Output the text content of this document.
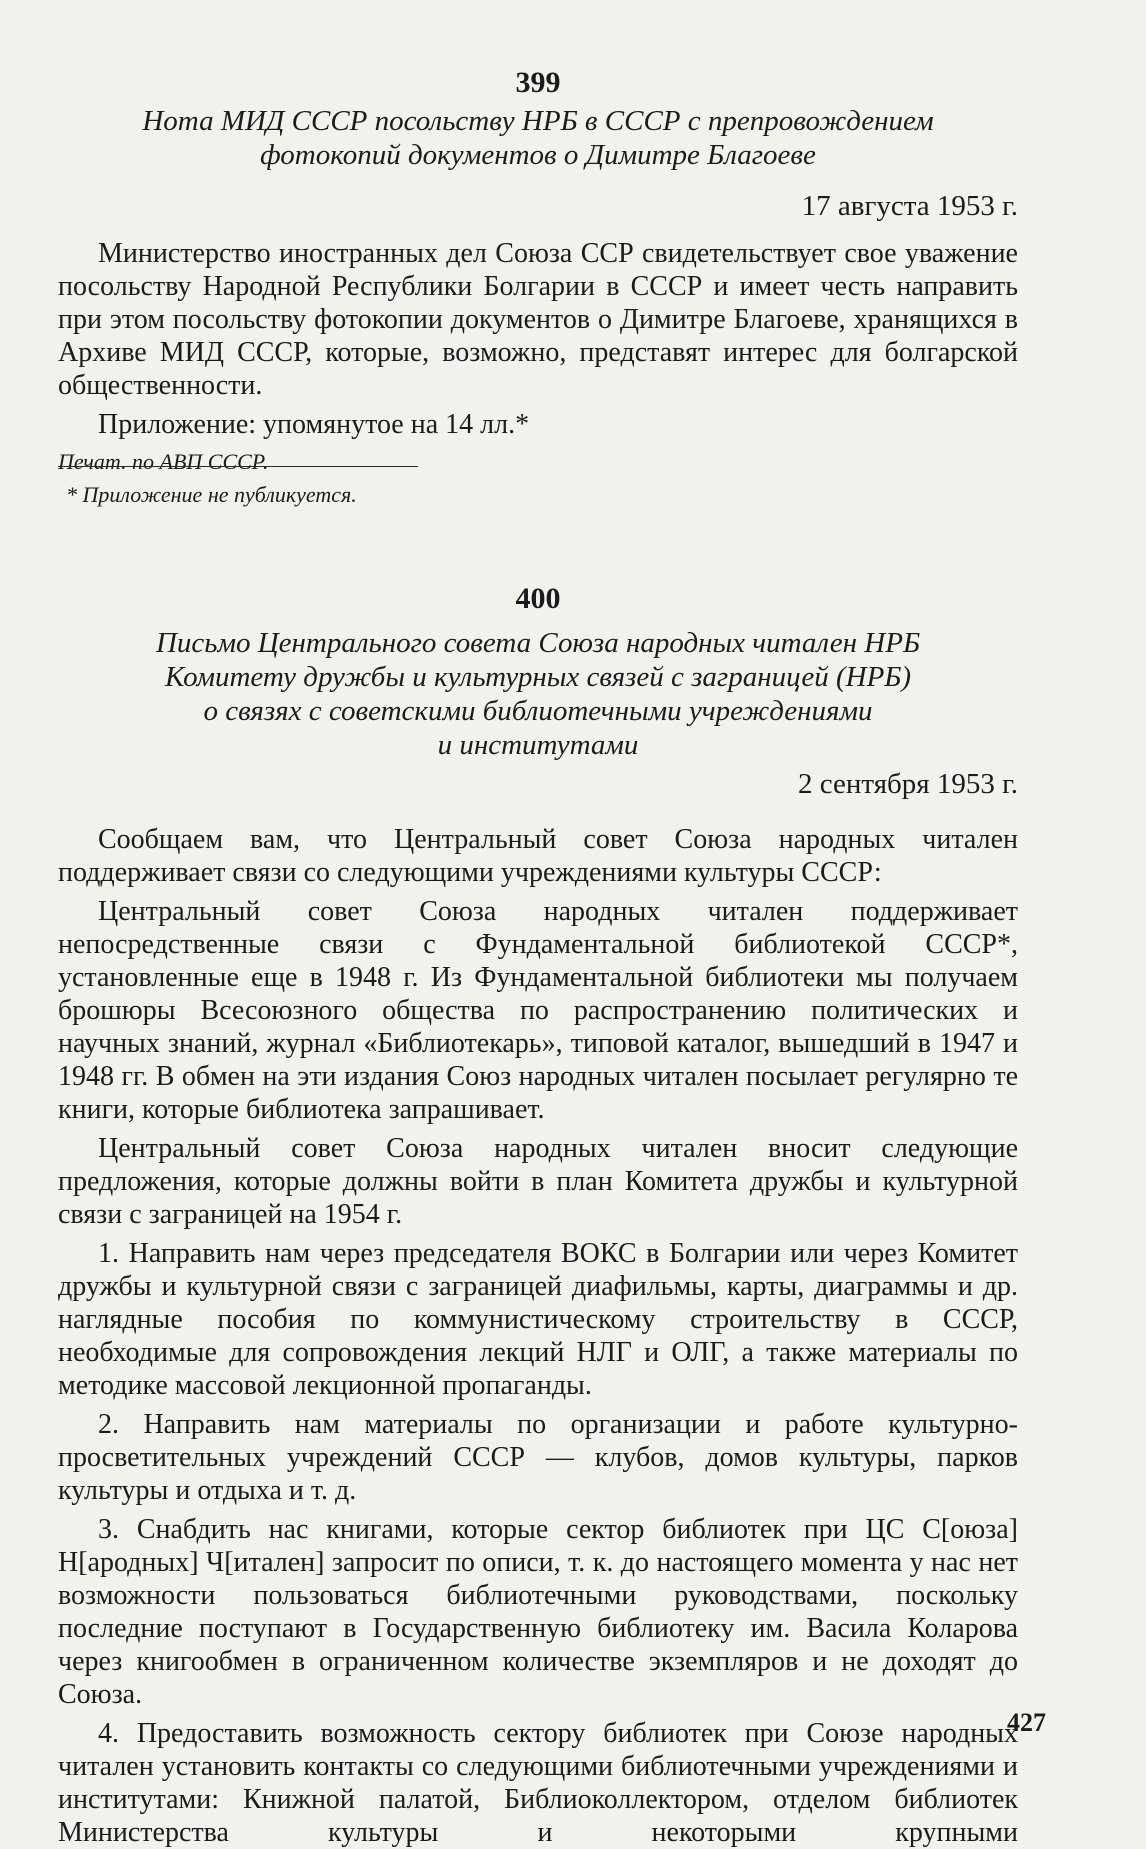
399
Нота МИД СССР посольству НРБ в СССР с препровождением
фотокопий документов о Димитре Благоеве
17 августа 1953 г.

Министерство иностранных дел Союза ССР свидетельствует свое уважение посольству Народной Республики Болгарии в СССР и имеет честь направить при этом посольству фотокопии документов о Димитре Благоеве, хранящихся в Архиве МИД СССР, которые, возможно, представят интерес для болгарской общественности.

Приложение: упомянутое на 14 лл.*

Печат. по АВП СССР.
* Приложение не публикуется.
400
Письмо Центрального совета Союза народных читален НРБ
Комитету дружбы и культурных связей с заграницей (НРБ)
о связях с советскими библиотечными учреждениями
и институтами
2 сентября 1953 г.

Сообщаем вам, что Центральный совет Союза народных читален поддерживает связи со следующими учреждениями культуры СССР:

Центральный совет Союза народных читален поддерживает непосредственные связи с Фундаментальной библиотекой СССР*, установленные еще в 1948 г. Из Фундаментальной библиотеки мы получаем брошюры Всесоюзного общества по распространению политических и научных знаний, журнал «Библиотекарь», типовой каталог, вышедший в 1947 и 1948 гг. В обмен на эти издания Союз народных читален посылает регулярно те книги, которые библиотека запрашивает.

Центральный совет Союза народных читален вносит следующие предложения, которые должны войти в план Комитета дружбы и культурной связи с заграницей на 1954 г.

1. Направить нам через председателя ВОКС в Болгарии или через Комитет дружбы и культурной связи с заграницей диафильмы, карты, диаграммы и др. наглядные пособия по коммунистическому строительству в СССР, необходимые для сопровождения лекций НЛГ и ОЛГ, а также материалы по методике массовой лекционной пропаганды.

2. Направить нам материалы по организации и работе культурно-просветительных учреждений СССР — клубов, домов культуры, парков культуры и отдыха и т. д.

3. Снабдить нас книгами, которые сектор библиотек при ЦС С[оюза] Н[ародных] Ч[итален] запросит по описи, т. к. до настоящего момента у нас нет возможности пользоваться библиотечными руководствами, поскольку последние поступают в Государственную библиотеку им. Васила Коларова через книгообмен в ограниченном количестве экземпляров и не доходят до Союза.

4. Предоставить возможность сектору библиотек при Союзе народных читален установить контакты со следующими библиотечными учреждениями и институтами: Книжной палатой, Библиоколлектором, отделом библиотек Министерства культуры и некоторыми крупными

427
